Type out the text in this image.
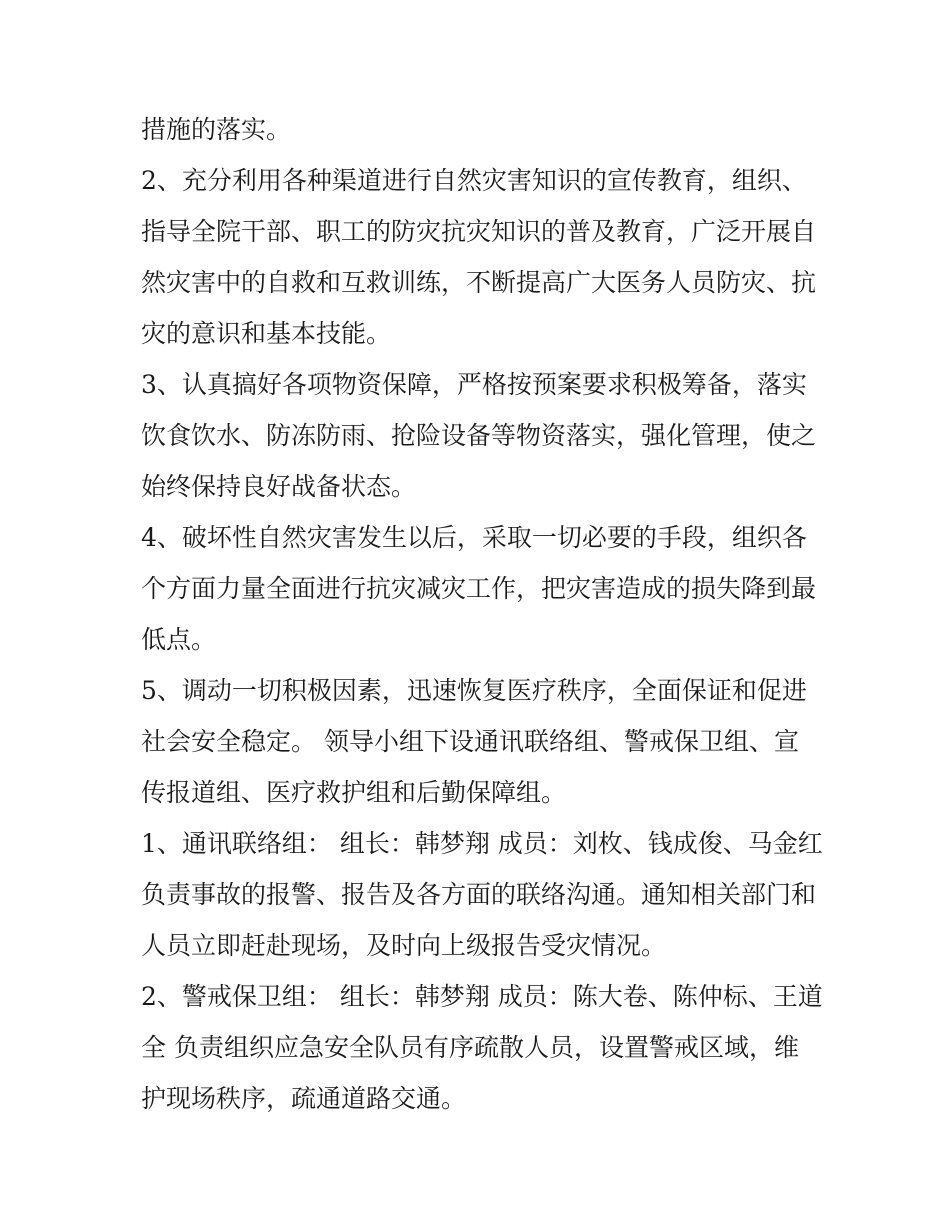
措施的落实。
2、充分利用各种渠道进行自然灾害知识的宣传教育，组织、
指导全院干部、职工的防灾抗灾知识的普及教育，广泛开展自
然灾害中的自救和互救训练，不断提高广大医务人员防灾、抗
灾的意识和基本技能。
3、认真搞好各项物资保障，严格按预案要求积极筹备，落实
饮食饮水、防冻防雨、抢险设备等物资落实，强化管理，使之
始终保持良好战备状态。
4、破坏性自然灾害发生以后，采取一切必要的手段，组织各
个方面力量全面进行抗灾减灾工作，把灾害造成的损失降到最
低点。
5、调动一切积极因素，迅速恢复医疗秩序，全面保证和促进
社会安全稳定。 领导小组下设通讯联络组、警戒保卫组、宣
传报道组、医疗救护组和后勤保障组。
1、通讯联络组： 组长：韩梦翔 成员：刘枚、钱成俊、马金红
负责事故的报警、报告及各方面的联络沟通。通知相关部门和
人员立即赶赴现场，及时向上级报告受灾情况。
2、警戒保卫组： 组长：韩梦翔 成员：陈大卷、陈仲标、王道
全 负责组织应急安全队员有序疏散人员，设置警戒区域，维
护现场秩序，疏通道路交通。
